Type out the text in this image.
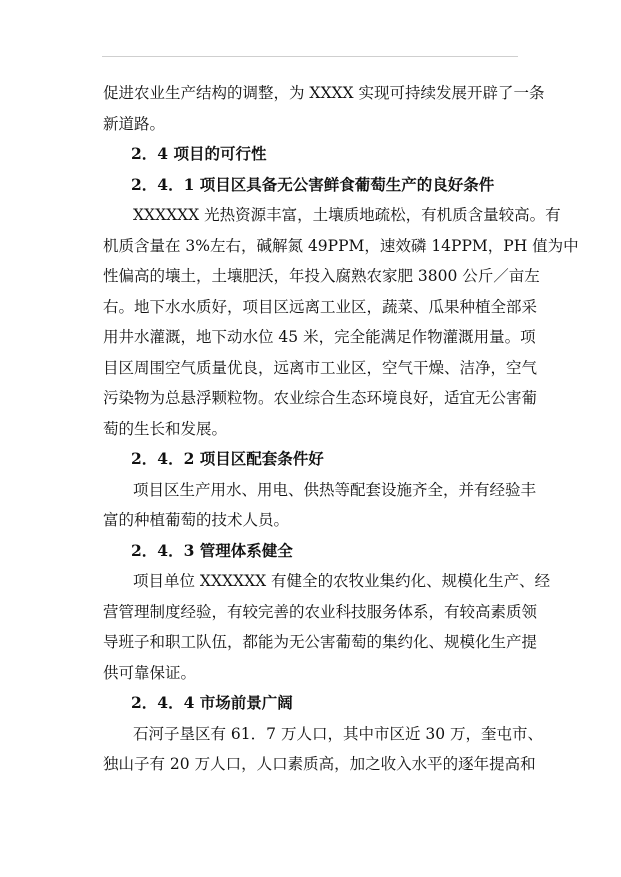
促进农业生产结构的调整，为 XXXX 实现可持续发展开辟了一条
新道路。
2．4 项目的可行性
2．4．1 项目区具备无公害鲜食葡萄生产的良好条件
XXXXXX 光热资源丰富，土壤质地疏松，有机质含量较高。有
机质含量在 3%左右，碱解氮 49PPM，速效磷 14PPM，PH 值为中
性偏高的壤土，土壤肥沃，年投入腐熟农家肥 3800 公斤／亩左
右。地下水水质好，项目区远离工业区，蔬菜、瓜果种植全部采
用井水灌溉，地下动水位 45 米，完全能满足作物灌溉用量。项
目区周围空气质量优良，远离市工业区，空气干燥、洁净，空气
污染物为总悬浮颗粒物。农业综合生态环境良好，适宜无公害葡
萄的生长和发展。
2．4．2 项目区配套条件好
项目区生产用水、用电、供热等配套设施齐全，并有经验丰
富的种植葡萄的技术人员。
2．4．3 管理体系健全
项目单位 XXXXXX 有健全的农牧业集约化、规模化生产、经
营管理制度经验，有较完善的农业科技服务体系，有较高素质领
导班子和职工队伍，都能为无公害葡萄的集约化、规模化生产提
供可靠保证。
2．4．4 市场前景广阔
石河子垦区有 61．7 万人口，其中市区近 30 万，奎屯市、
独山子有 20 万人口，人口素质高，加之收入水平的逐年提高和
